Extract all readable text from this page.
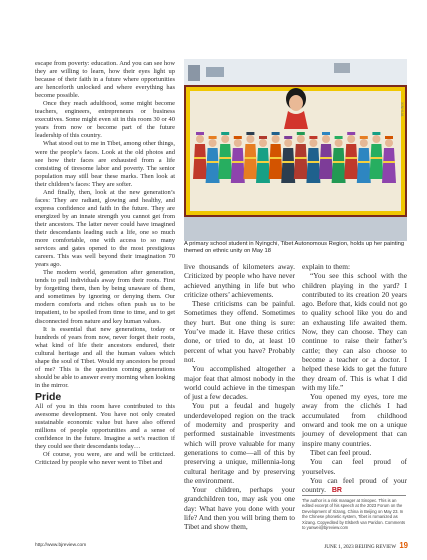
escape from poverty: education. And you can see how they are willing to learn, how their eyes light up because of their faith in a future where opportunities are henceforth unlocked and where everything has become possible.

Once they reach adulthood, some might become teachers, engineers, entrepreneurs or business executives. Some might even sit in this room 30 or 40 years from now or become part of the future leadership of this country.

What stood out to me in Tibet, among other things, were the people’s faces. Look at the old photos and see how their faces are exhausted from a life consisting of tiresome labor and poverty. The senior population may still bear these marks. Then look at their children’s faces: They are softer.

And finally, then, look at the new generation’s faces: They are radiant, glowing and healthy, and express confidence and faith in the future. They are energized by an innate strength you cannot get from their ancestors. The latter never could have imagined their descendants leading such a life, one so much more comfortable, one with access to so many services and gates opened to the most prestigious careers. This was well beyond their imagination 70 years ago.

The modern world, generation after generation, tends to pull individuals away from their roots. First by forgetting them, then by being unaware of them, and sometimes by ignoring or denying them. Our modern comforts and riches often push us to be impatient, to be spoiled from time to time, and to get disconnected from nature and key human values.

It is essential that new generations, today or hundreds of years from now, never forget their roots, what kind of life their ancestors endured, their cultural heritage and all the human values which shape the soul of Tibet. Would my ancestors be proud of me? This is the question coming generations should be able to answer every morning when looking in the mirror.

Pride

All of you in this room have contributed to this awesome development. You have not only created sustainable economic value but have also offered millions of people opportunities and a sense of confidence in the future. Imagine a set’s reaction if they could see their descendants today…

Of course, you were, are and will be criticized. Criticized by people who never went to Tibet and

XINHUA
A primary school student in Nyingchi, Tibet Autonomous Region, holds up her painting themed on ethnic unity on May 18

live thousands of kilometers away. Criticized by people who have never achieved anything in life but who criticize others’ achievements.

These criticisms can be painful. Sometimes they offend. Sometimes they hurt. But one thing is sure: You’ve made it. Have these critics done, or tried to do, at least 10 percent of what you have? Probably not.

You accomplished altogether a major feat that almost nobody in the world could achieve in the timespan of just a few decades.

You put a feudal and hugely underdeveloped region on the track of modernity and prosperity and performed sustainable investments which will prove valuable for many generations to come—all of this by preserving a unique, millennia-long cultural heritage and by preserving the environment.

Your children, perhaps your grandchildren too, may ask you one day: What have you done with your life? And then you will bring them to Tibet and show them,

explain to them:

“You see this school with the children playing in the yard? I contributed to its creation 20 years ago. Before that, kids could not go to quality school like you do and an exhausting life awaited them. Now, they can choose. They can continue to raise their father’s cattle; they can also choose to become a teacher or a doctor. I helped these kids to get the future they dream of. This is what I did with my life.”

You opened my eyes, tore me away from the clichés I had accumulated from childhood onward and took me on a unique journey of development that can inspire many countries.

Tibet can feel proud.

You can feel proud of yourselves.

You can feel proud of your country. BR
The author is a risk manager at Sinopec. This is an edited excerpt of his speech at the 2023 Forum on the Development of Xizang, China in Beijing on May 23. In the Chinese phonetic system, Tibet is romanized as Xizang. Copyedited by Elsbeth van Paridon. Comments to yanwei@bjreview.com
http://www.bjreview.com	JUNE 1, 2023 BEIJING REVIEW 19
